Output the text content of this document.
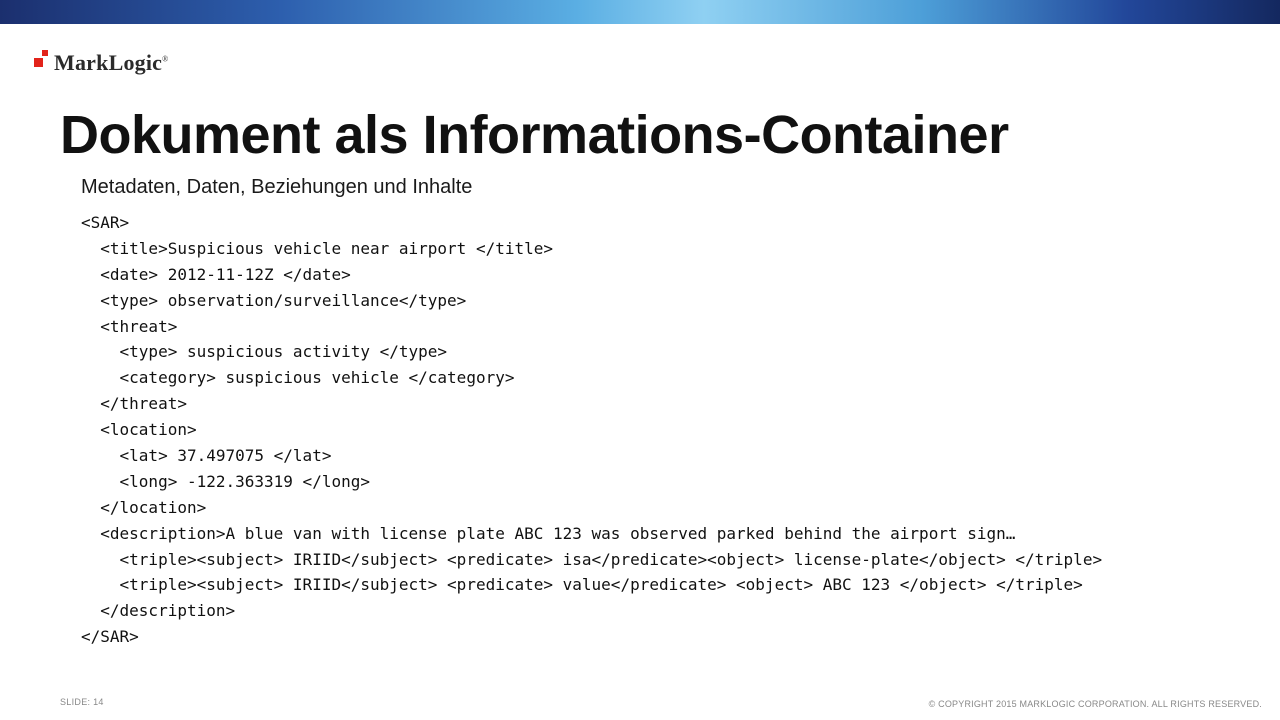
MarkLogic®
Dokument als Informations-Container
Metadaten, Daten, Beziehungen und Inhalte
<SAR>
<title>Suspicious vehicle near airport </title>
<date> 2012-11-12Z </date>
<type> observation/surveillance</type>
<threat>
<type> suspicious activity </type>
<category> suspicious vehicle </category>
</threat>
<location>
<lat> 37.497075 </lat>
<long> -122.363319 </long>
</location>
<description>A blue van with license plate ABC 123 was observed parked behind the airport sign…
<triple><subject> IRIID</subject> <predicate> isa</predicate><object> license-plate</object> </triple>
<triple><subject> IRIID</subject> <predicate> value</predicate> <object> ABC 123 </object> </triple>
</description>
</SAR>
SLIDE: 14	© COPYRIGHT 2015 MARKLOGIC CORPORATION. ALL RIGHTS RESERVED.
